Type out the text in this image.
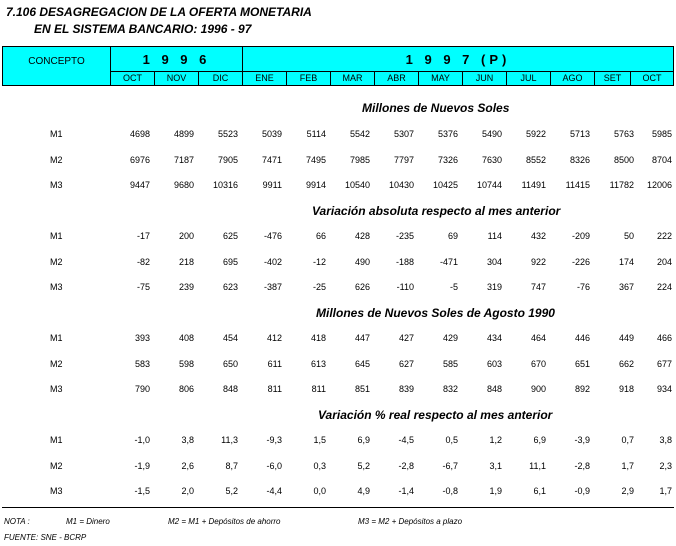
7.106 DESAGREGACION DE LA OFERTA MONETARIA
EN EL SISTEMA BANCARIO: 1996 - 97
CONCEPTO	1 9 9 6	1 9 9 7 (P)
OCT	NOV	DIC	ENE	FEB	MAR	ABR	MAY	JUN	JUL	AGO	SET	OCT
Millones de Nuevos Soles
M1	4698	4899	5523	5039	5114	5542	5307	5376	5490	5922	5713	5763	5985
M2	6976	7187	7905	7471	7495	7985	7797	7326	7630	8552	8326	8500	8704
M3	9447	9680	10316	9911	9914	10540	10430	10425	10744	11491	11415	11782	12006
Variación absoluta respecto al mes anterior
M1	-17	200	625	-476	66	428	-235	69	114	432	-209	50	222
M2	-82	218	695	-402	-12	490	-188	-471	304	922	-226	174	204
M3	-75	239	623	-387	-25	626	-110	-5	319	747	-76	367	224
Millones de Nuevos Soles de Agosto 1990
M1	393	408	454	412	418	447	427	429	434	464	446	449	466
M2	583	598	650	611	613	645	627	585	603	670	651	662	677
M3	790	806	848	811	811	851	839	832	848	900	892	918	934
Variación % real respecto al mes anterior
M1	-1,0	3,8	11,3	-9,3	1,5	6,9	-4,5	0,5	1,2	6,9	-3,9	0,7	3,8
M2	-1,9	2,6	8,7	-6,0	0,3	5,2	-2,8	-6,7	3,1	11,1	-2,8	1,7	2,3
M3	-1,5	2,0	5,2	-4,4	0,0	4,9	-1,4	-0,8	1,9	6,1	-0,9	2,9	1,7
NOTA :	M1 = Dinero	M2 = M1 + Depósitos de ahorro	M3 = M2 + Depósitos a plazo
FUENTE: SNE - BCRP
